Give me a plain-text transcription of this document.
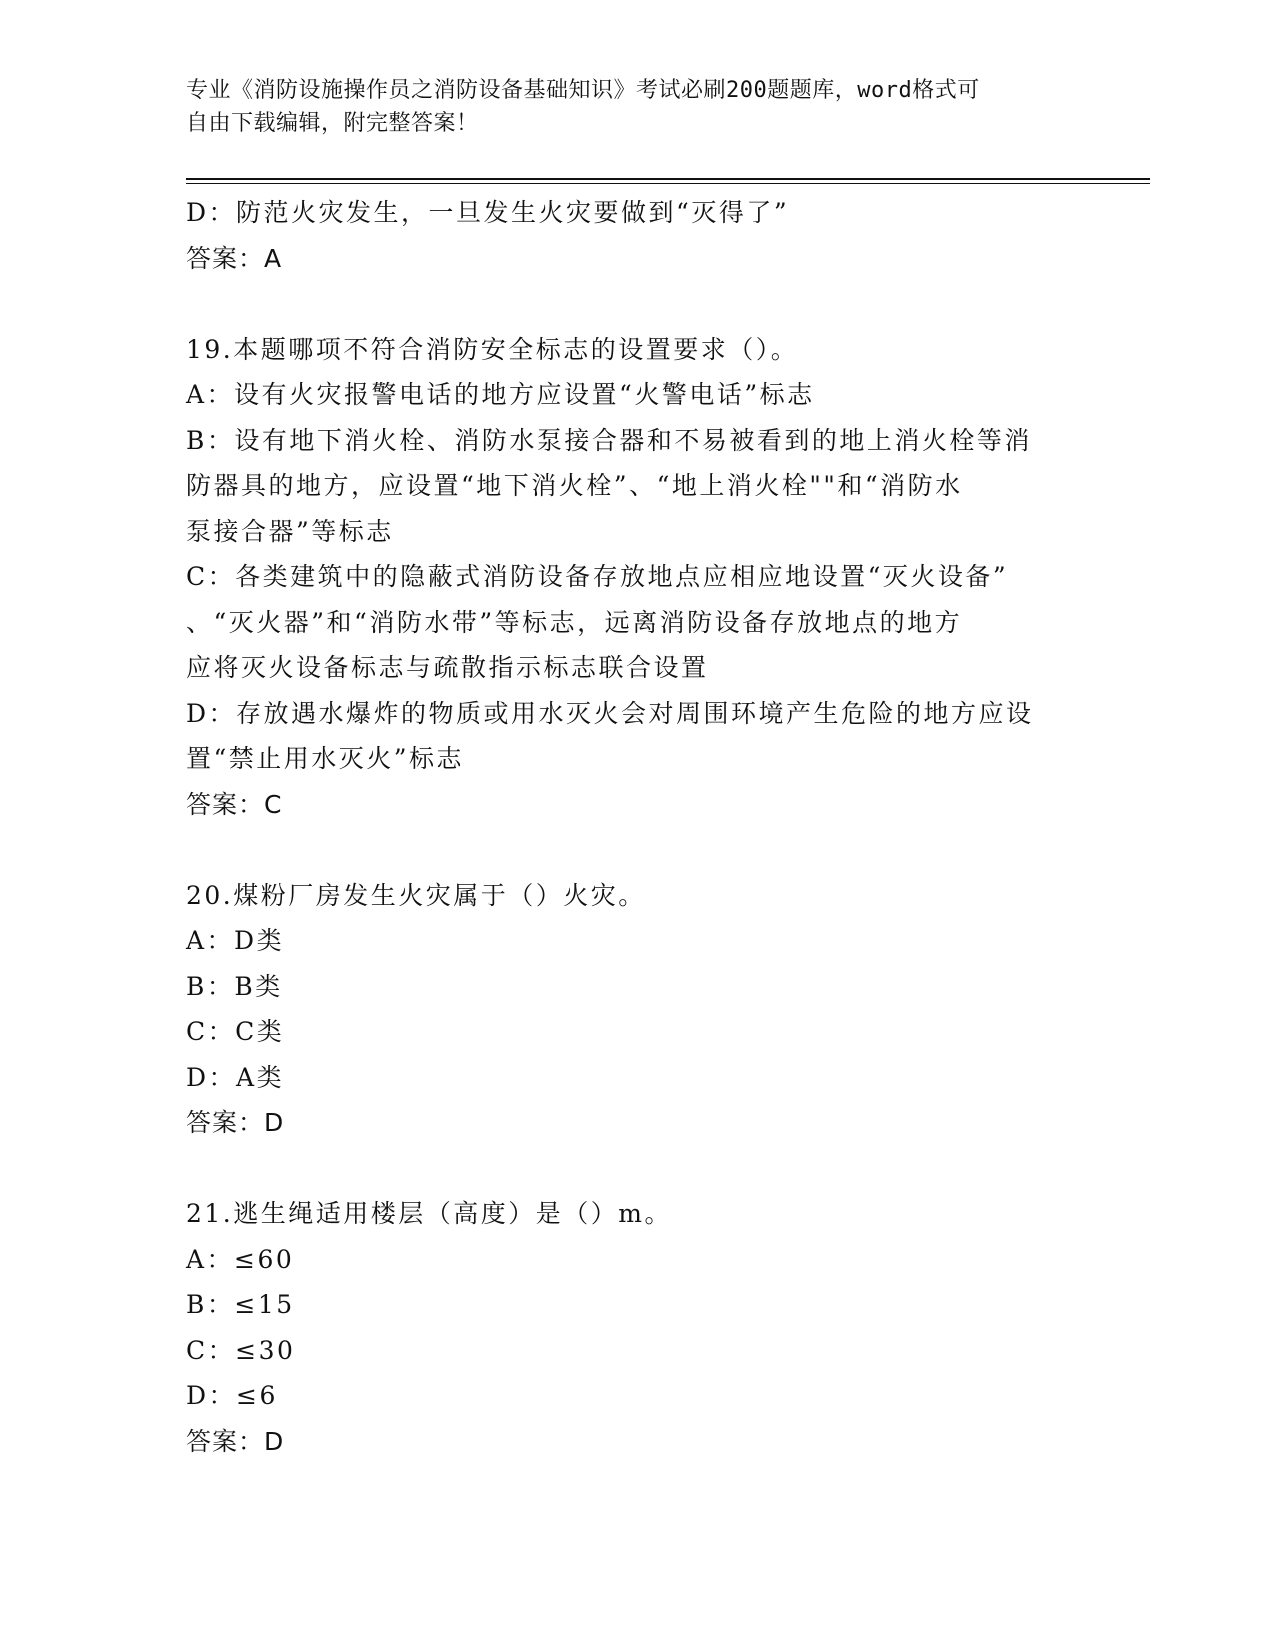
专业《消防设施操作员之消防设备基础知识》考试必刷200题题库，word格式可
自由下载编辑，附完整答案！

D：防范火灾发生，一旦发生火灾要做到“灭得了”

答案：A

19.本题哪项不符合消防安全标志的设置要求（）。

A：设有火灾报警电话的地方应设置“火警电话”标志

B：设有地下消火栓、消防水泵接合器和不易被看到的地上消火栓等消

防器具的地方，应设置“地下消火栓”、“地上消火栓""和“消防水

泵接合器”等标志

C：各类建筑中的隐蔽式消防设备存放地点应相应地设置“灭火设备”

、“灭火器”和“消防水带”等标志，远离消防设备存放地点的地方

应将灭火设备标志与疏散指示标志联合设置

D：存放遇水爆炸的物质或用水灭火会对周围环境产生危险的地方应设

置“禁止用水灭火”标志

答案：C

20.煤粉厂房发生火灾属于（）火灾。

A：D类

B：B类

C：C类

D：A类

答案：D

21.逃生绳适用楼层（高度）是（）m。

A：≤60

B：≤15

C：≤30

D：≤6

答案：D
